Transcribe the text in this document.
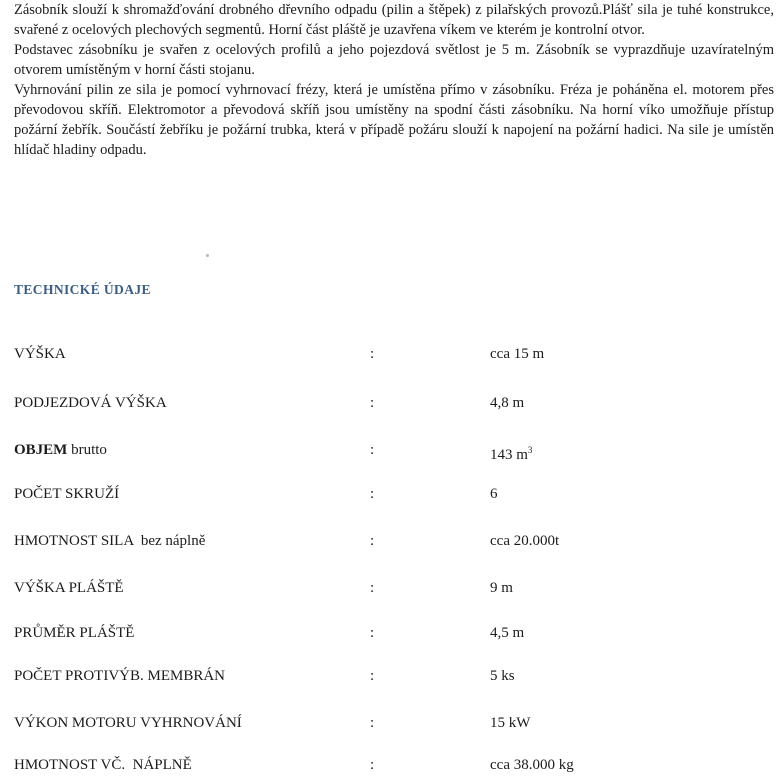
Zásobník slouží k shromažďování drobného dřevního odpadu (pilin a štěpek) z pilařských provozů.Plášť sila je tuhé konstrukce, svařené z ocelových plechových segmentů. Horní část pláště je uzavřena víkem ve kterém je kontrolní otvor.

Podstavec zásobníku je svařen z ocelových profilů a jeho pojezdová světlost je 5 m. Zásobník se vyprazdňuje uzavíratelným otvorem umístěným v horní části stojanu.

Vyhrnování pilin ze sila je pomocí vyhrnovací frézy, která je umístěna přímo v zásobníku. Fréza je poháněna el. motorem přes převodovou skříň. Elektromotor a převodová skříň jsou umístěny na spodní části zásobníku. Na horní víko umožňuje přístup požární žebřík. Součástí žebříku je požární trubka, která v případě požáru slouží k napojení na požární hadici. Na sile je umístěn hlídač hladiny odpadu.

TECHNICKÉ ÚDAJE
VÝŠKA	:	cca 15 m
PODJEZDOVÁ VÝŠKA	:	4,8 m
OBJEM brutto	:	143 $m^3$
POČET SKRUŽÍ	:	6
HMOTNOST SILA  bez náplně	:	cca 20.000t
VÝŠKA PLÁŠTĚ	:	9 m
PRŮMĚR PLÁŠTĚ	:	4,5 m
POČET PROTIVÝB. MEMBRÁN	:	5 ks
VÝKON MOTORU VYHRNOVÁNÍ	:	15 kW
HMOTNOST VČ.  NÁPLNĚ	:	cca 38.000 kg
